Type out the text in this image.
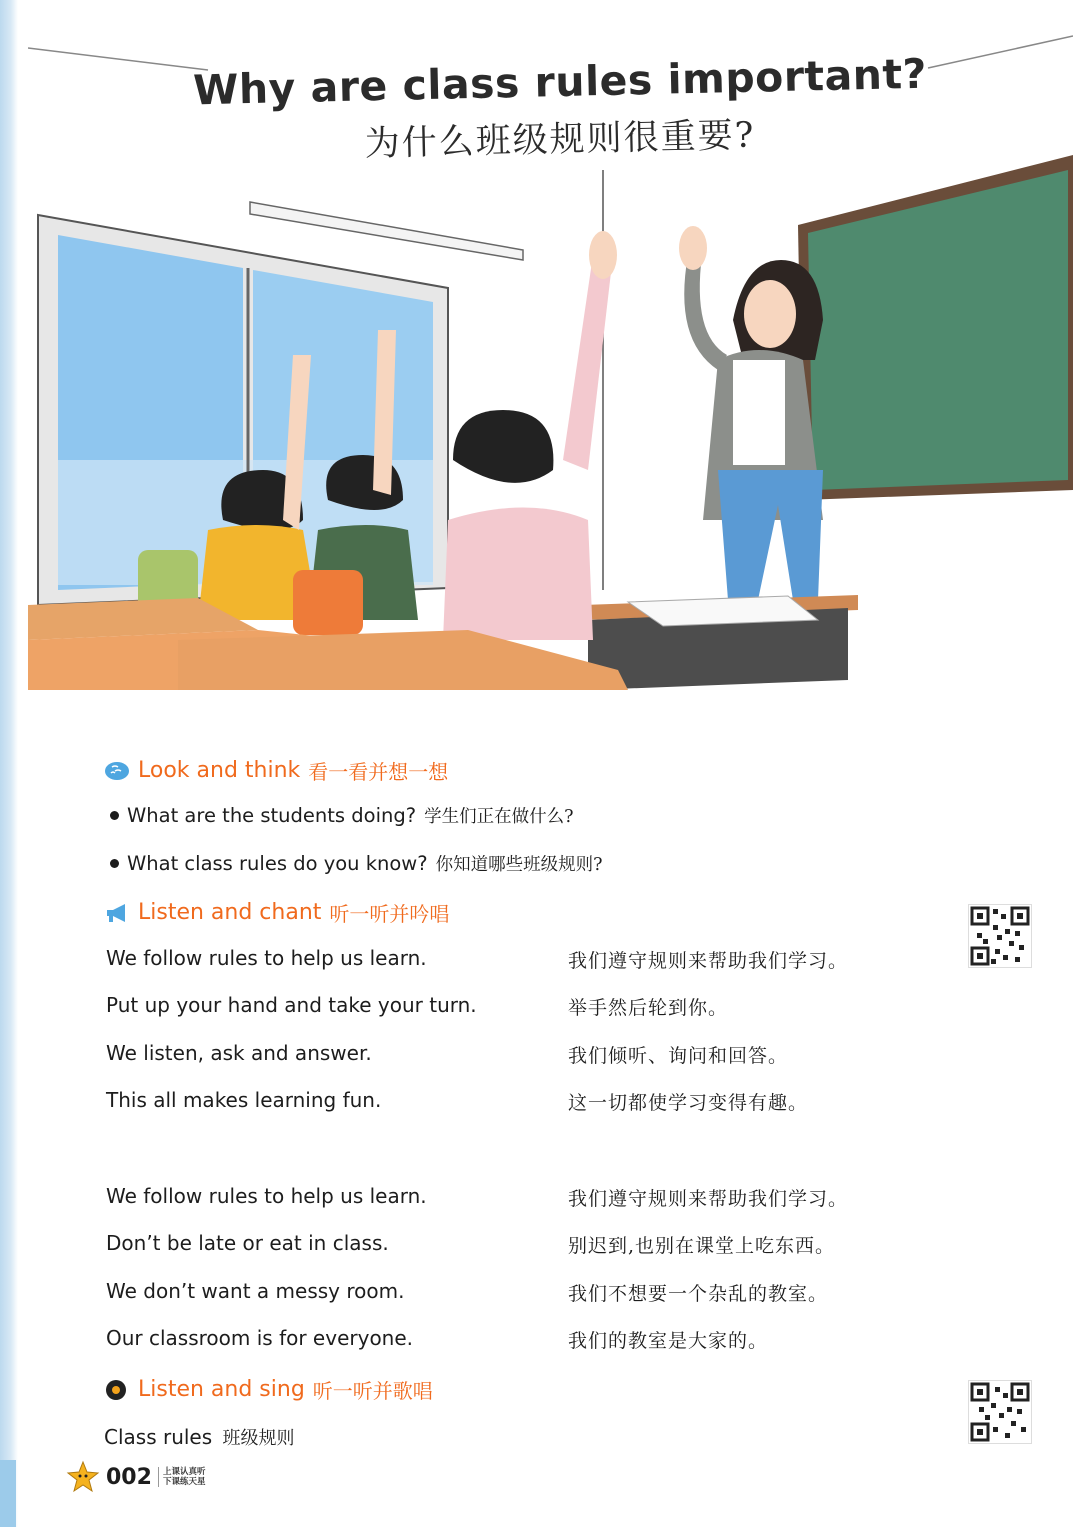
Why are class rules important?
为什么班级规则很重要?
Look and think 看一看并想一想
What are the students doing? 学生们正在做什么?
What class rules do you know? 你知道哪些班级规则?
Listen and chant 听一听并吟唱
We follow rules to help us learn.	我们遵守规则来帮助我们学习。
Put up your hand and take your turn.	举手然后轮到你。
We listen, ask and answer.	我们倾听、询问和回答。
This all makes learning fun.	这一切都使学习变得有趣。
We follow rules to help us learn.	我们遵守规则来帮助我们学习。
Don’t be late or eat in class.	别迟到,也别在课堂上吃东西。
We don’t want a messy room.	我们不想要一个杂乱的教室。
Our classroom is for everyone.	我们的教室是大家的。
Listen and sing 听一听并歌唱
Class rules 班级规则
002 上课认真听
下课练天星
